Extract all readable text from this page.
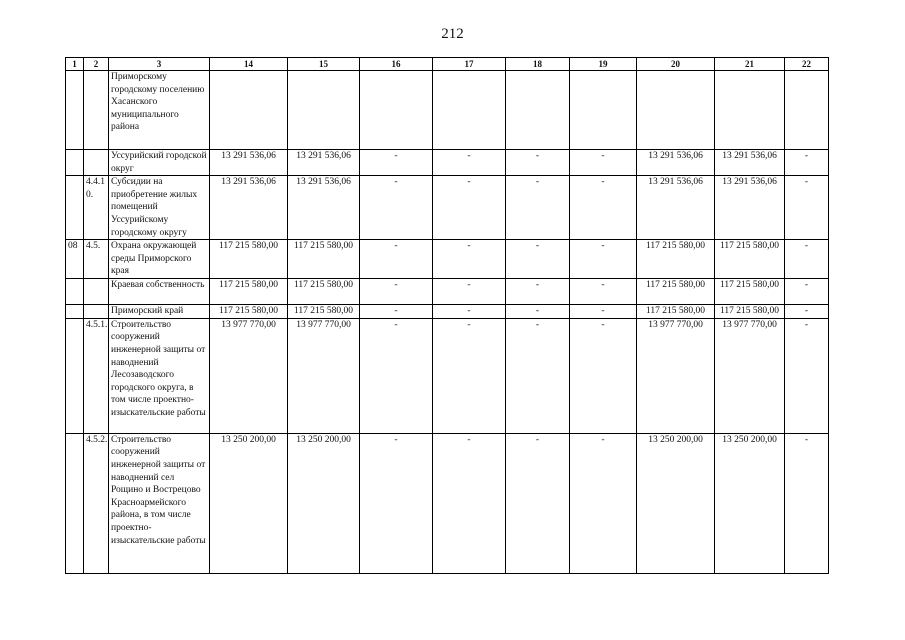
212
1	2	3	14	15	16	17	18	19	20	21	22
		Приморскому городскому поселению Хасанского муниципального района									
		Уссурийский городской округ	13 291 536,06	13 291 536,06	-	-	-	-	13 291 536,06	13 291 536,06	-
	4.4.1 0.	Субсидии на приобретение жилых помещений Уссурийскому городскому округу	13 291 536,06	13 291 536,06	-	-	-	-	13 291 536,06	13 291 536,06	-
08	4.5.	Охрана окружающей среды Приморского края	117 215 580,00	117 215 580,00	-	-	-	-	117 215 580,00	117 215 580,00	-
		Краевая собственность	117 215 580,00	117 215 580,00	-	-	-	-	117 215 580,00	117 215 580,00	-
		Приморский край	117 215 580,00	117 215 580,00	-	-	-	-	117 215 580,00	117 215 580,00	-
	4.5.1.	Строительство сооружений инженерной защиты от наводнений Лесозаводского городского округа, в том числе проектно-изыскательские работы	13 977 770,00	13 977 770,00	-	-	-	-	13 977 770,00	13 977 770,00	-
	4.5.2.	Строительство сооружений инженерной защиты от наводнений сел Рощино и Вострецово Красноармейского района, в том числе проектно-изыскательские работы	13 250 200,00	13 250 200,00	-	-	-	-	13 250 200,00	13 250 200,00	-
